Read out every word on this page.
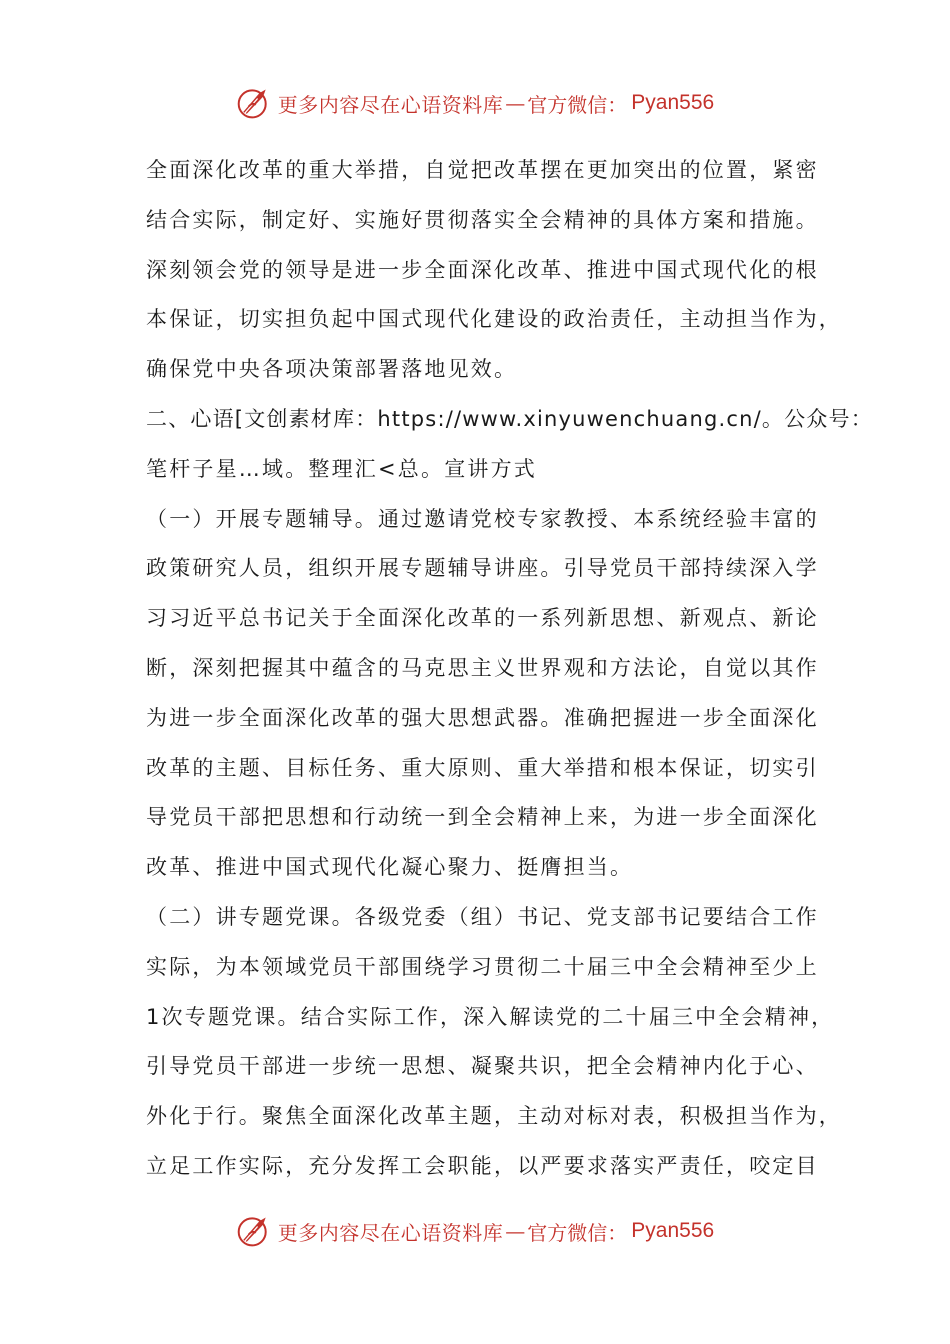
更多内容尽在心语资料库 — 官方微信： Pyan556
全面深化改革的重大举措，自觉把改革摆在更加突出的位置，紧密
结合实际，制定好、实施好贯彻落实全会精神的具体方案和措施。
深刻领会党的领导是进一步全面深化改革、推进中国式现代化的根
本保证，切实担负起中国式现代化建设的政治责任，主动担当作为，
确保党中央各项决策部署落地见效。
二、心语[文创素材库：https://www.xinyuwenchuang.cn/。公众号：
笔杆子星…域。整理汇<总。宣讲方式
（一）开展专题辅导。通过邀请党校专家教授、本系统经验丰富的
政策研究人员，组织开展专题辅导讲座。引导党员干部持续深入学
习习近平总书记关于全面深化改革的一系列新思想、新观点、新论
断，深刻把握其中蕴含的马克思主义世界观和方法论，自觉以其作
为进一步全面深化改革的强大思想武器。准确把握进一步全面深化
改革的主题、目标任务、重大原则、重大举措和根本保证，切实引
导党员干部把思想和行动统一到全会精神上来，为进一步全面深化
改革、推进中国式现代化凝心聚力、挺膺担当。
（二）讲专题党课。各级党委（组）书记、党支部书记要结合工作
实际，为本领域党员干部围绕学习贯彻二十届三中全会精神至少上
1次专题党课。结合实际工作，深入解读党的二十届三中全会精神，
引导党员干部进一步统一思想、凝聚共识，把全会精神内化于心、
外化于行。聚焦全面深化改革主题，主动对标对表，积极担当作为，
立足工作实际，充分发挥工会职能，以严要求落实严责任，咬定目
更多内容尽在心语资料库 — 官方微信： Pyan556
